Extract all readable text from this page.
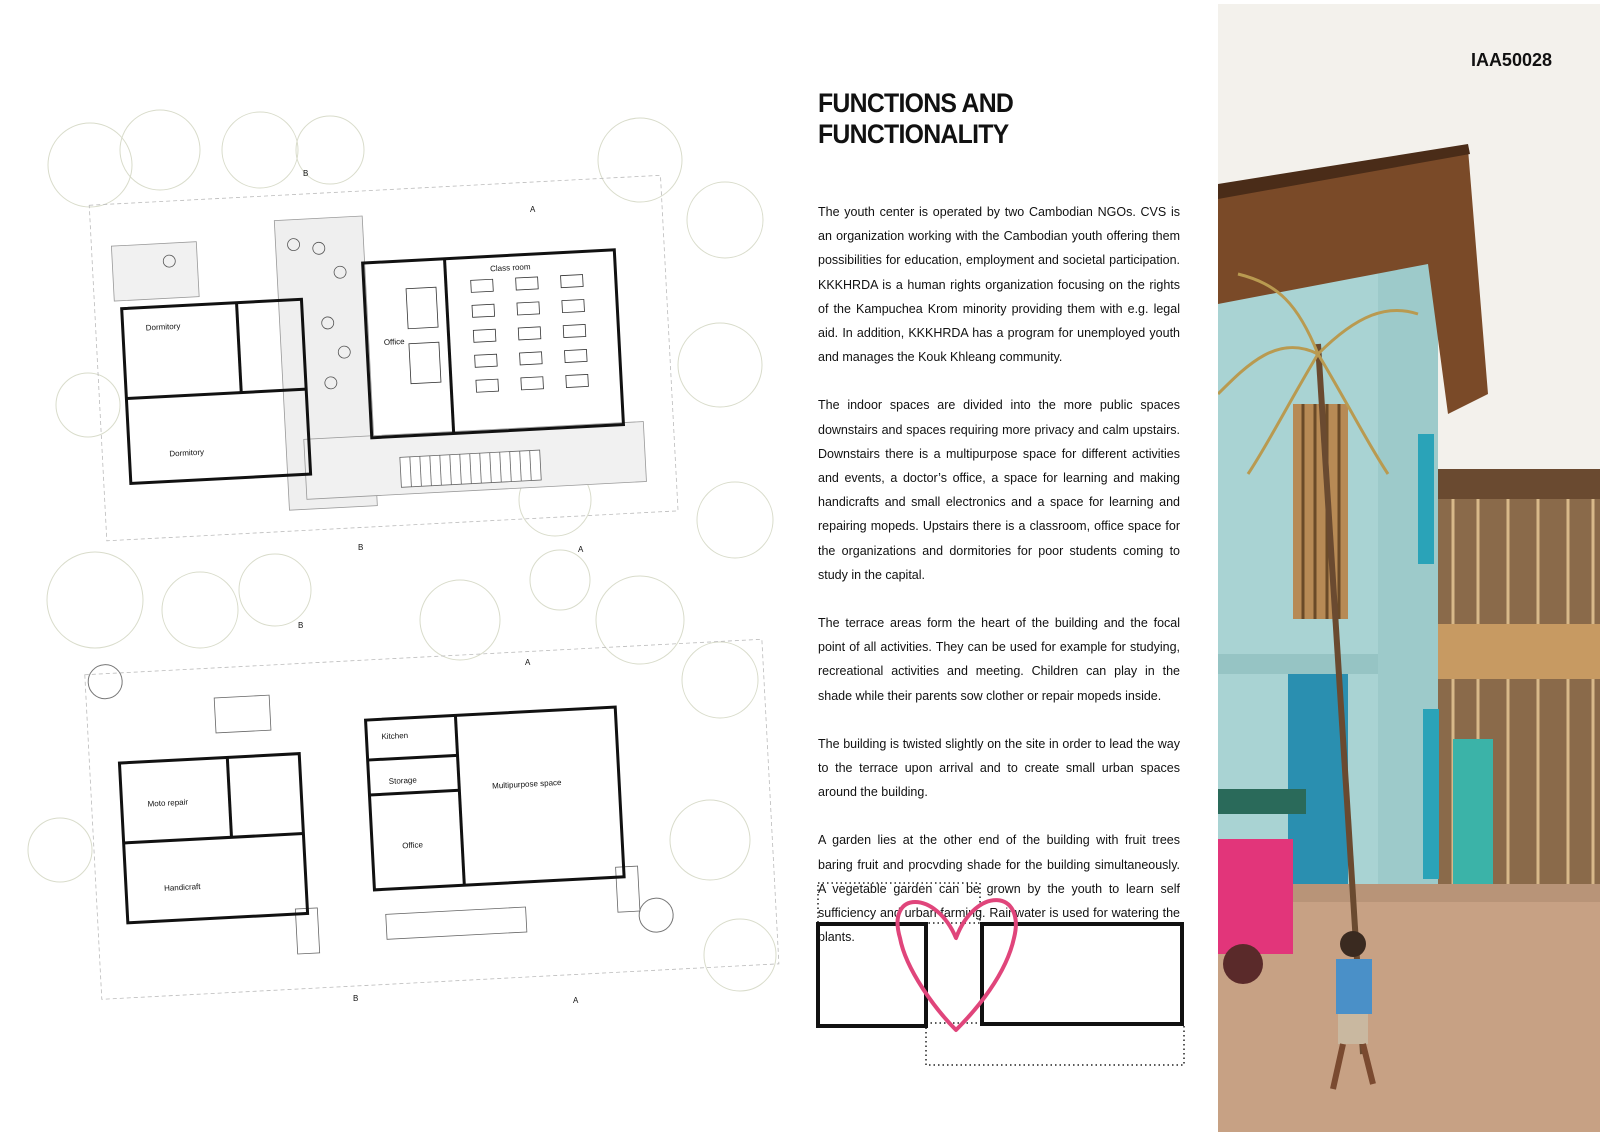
Dormitory
Dormitory
Office
Class room
B
A
B	A
Kitchen
Storage
Moto repair
Multipurpose space
Office
Handicraft
B
A
B	A
FUNCTIONS AND FUNCTIONALITY

The youth center is operated by two Cambodian NGOs. CVS is an organization working with the Cambodian youth offering them possibilities for education, employment and societal participation. KKKHRDA is a human rights organization focusing on the rights of the Kampuchea Krom minority providing them with e.g. legal aid. In addition, KKKHRDA has a program for unemployed youth and manages the Kouk Khleang community.

The indoor spaces are divided into the more public spaces downstairs and spaces requiring more privacy and calm upstairs. Downstairs there is a multipurpose space for different activities and events, a doctor’s office, a space for learning and making handicrafts and small electronics and a space for learning and repairing mopeds. Upstairs there is a classroom, office space for the organizations and dormitories for poor students coming to study in the capital.

The terrace areas form the heart of the building and the focal point of all activities. They can be used for example for studying, recreational activities and meeting. Children can play in the shade while their parents sow clother or repair mopeds inside.

The building is twisted slightly on the site in order to lead the way to the terrace upon arrival and to create small urban spaces around the building.

A garden lies at the other end of the building with fruit trees baring fruit and procvding shade for the building simultaneously. A vegetable garden can be grown by the youth to learn self sufficiency and urban farming. Rainwater is used for watering the plants.

IAA50028
